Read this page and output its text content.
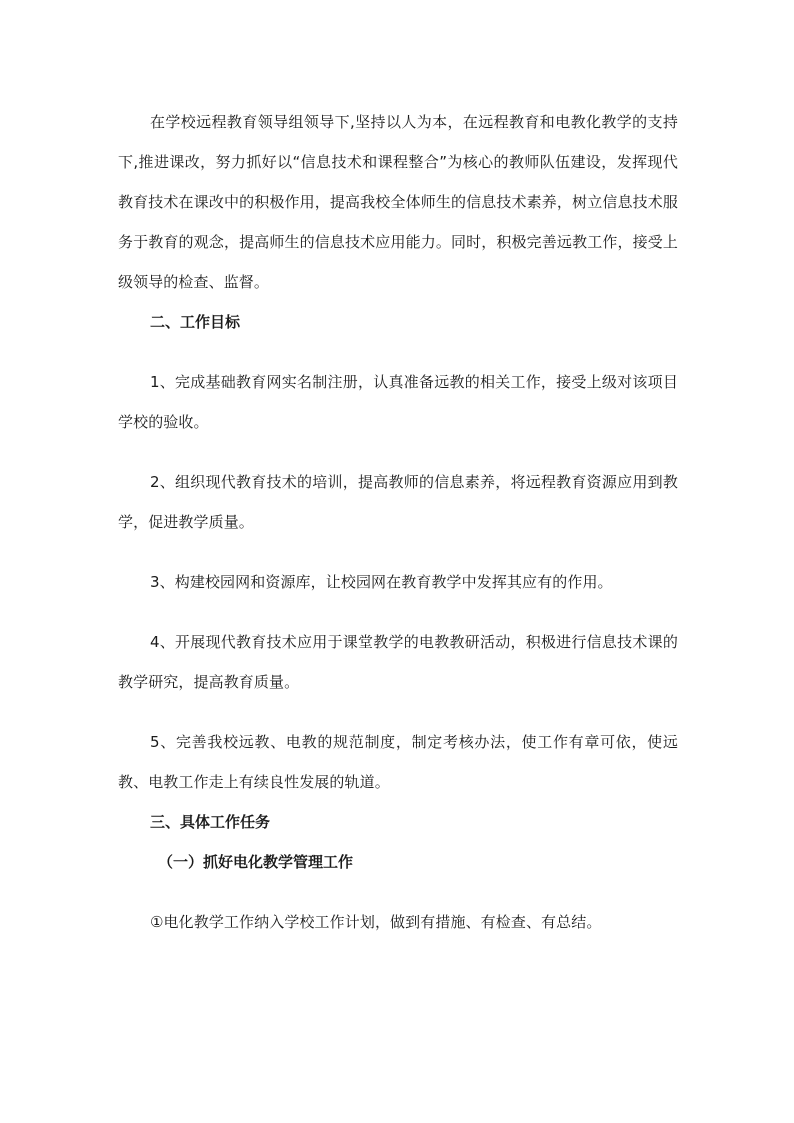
在学校远程教育领导组领导下,坚持以人为本，在远程教育和电教化教学的支持下,推进课改，努力抓好以“信息技术和课程整合”为核心的教师队伍建设，发挥现代教育技术在课改中的积极作用，提高我校全体师生的信息技术素养，树立信息技术服务于教育的观念，提高师生的信息技术应用能力。同时，积极完善远教工作，接受上级领导的检查、监督。

二、工作目标

1、完成基础教育网实名制注册，认真准备远教的相关工作，接受上级对该项目学校的验收。

2、组织现代教育技术的培训，提高教师的信息素养，将远程教育资源应用到教学，促进教学质量。

3、构建校园网和资源库，让校园网在教育教学中发挥其应有的作用。

4、开展现代教育技术应用于课堂教学的电教教研活动，积极进行信息技术课的教学研究，提高教育质量。

5、完善我校远教、电教的规范制度，制定考核办法，使工作有章可依，使远教、电教工作走上有续良性发展的轨道。

三、具体工作任务

（一）抓好电化教学管理工作

①电化教学工作纳入学校工作计划，做到有措施、有检查、有总结。
